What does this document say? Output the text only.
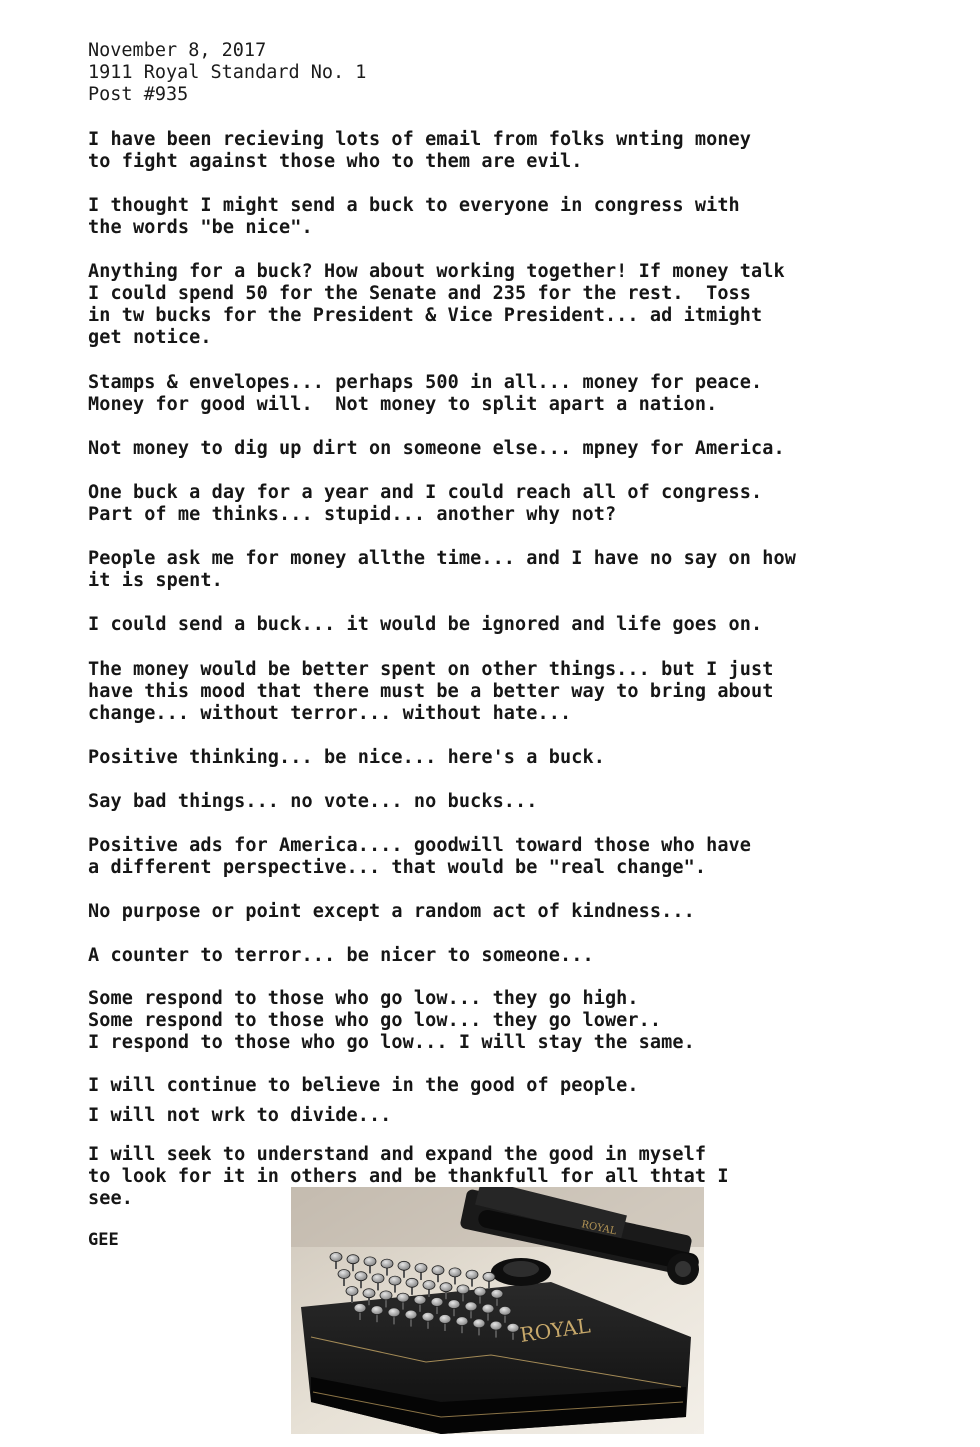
November 8, 2017
1911 Royal Standard No. 1
Post #935
I have been recieving lots of email from folks wnting money
to fight against those who to them are evil.
I thought I might send a buck to everyone in congress with
the words "be nice".
Anything for a buck? How about working together! If money talk
I could spend 50 for the Senate and 235 for the rest.  Toss
in tw bucks for the President & Vice President... ad itmight
get notice.
Stamps & envelopes... perhaps 500 in all... money for peace.
Money for good will.  Not money to split apart a nation.
Not money to dig up dirt on someone else... mpney for America.
One buck a day for a year and I could reach all of congress.
Part of me thinks... stupid... another why not?
People ask me for money allthe time... and I have no say on how
it is spent.
I could send a buck... it would be ignored and life goes on.
The money would be better spent on other things... but I just
have this mood that there must be a better way to bring about
change... without terror... without hate...
Positive thinking... be nice... here's a buck.
Say bad things... no vote... no bucks...
Positive ads for America.... goodwill toward those who have
a different perspective... that would be "real change".
No purpose or point except a random act of kindness...
A counter to terror... be nicer to someone...
Some respond to those who go low... they go high.
Some respond to those who go low... they go lower..
I respond to those who go low... I will stay the same.
I will continue to believe in the good of people.
I will not wrk to divide...
I will seek to understand and expand the good in myself
to look for it in others and be thankfull for all thtat I
see.
GEE
ROYAL
ROYAL
